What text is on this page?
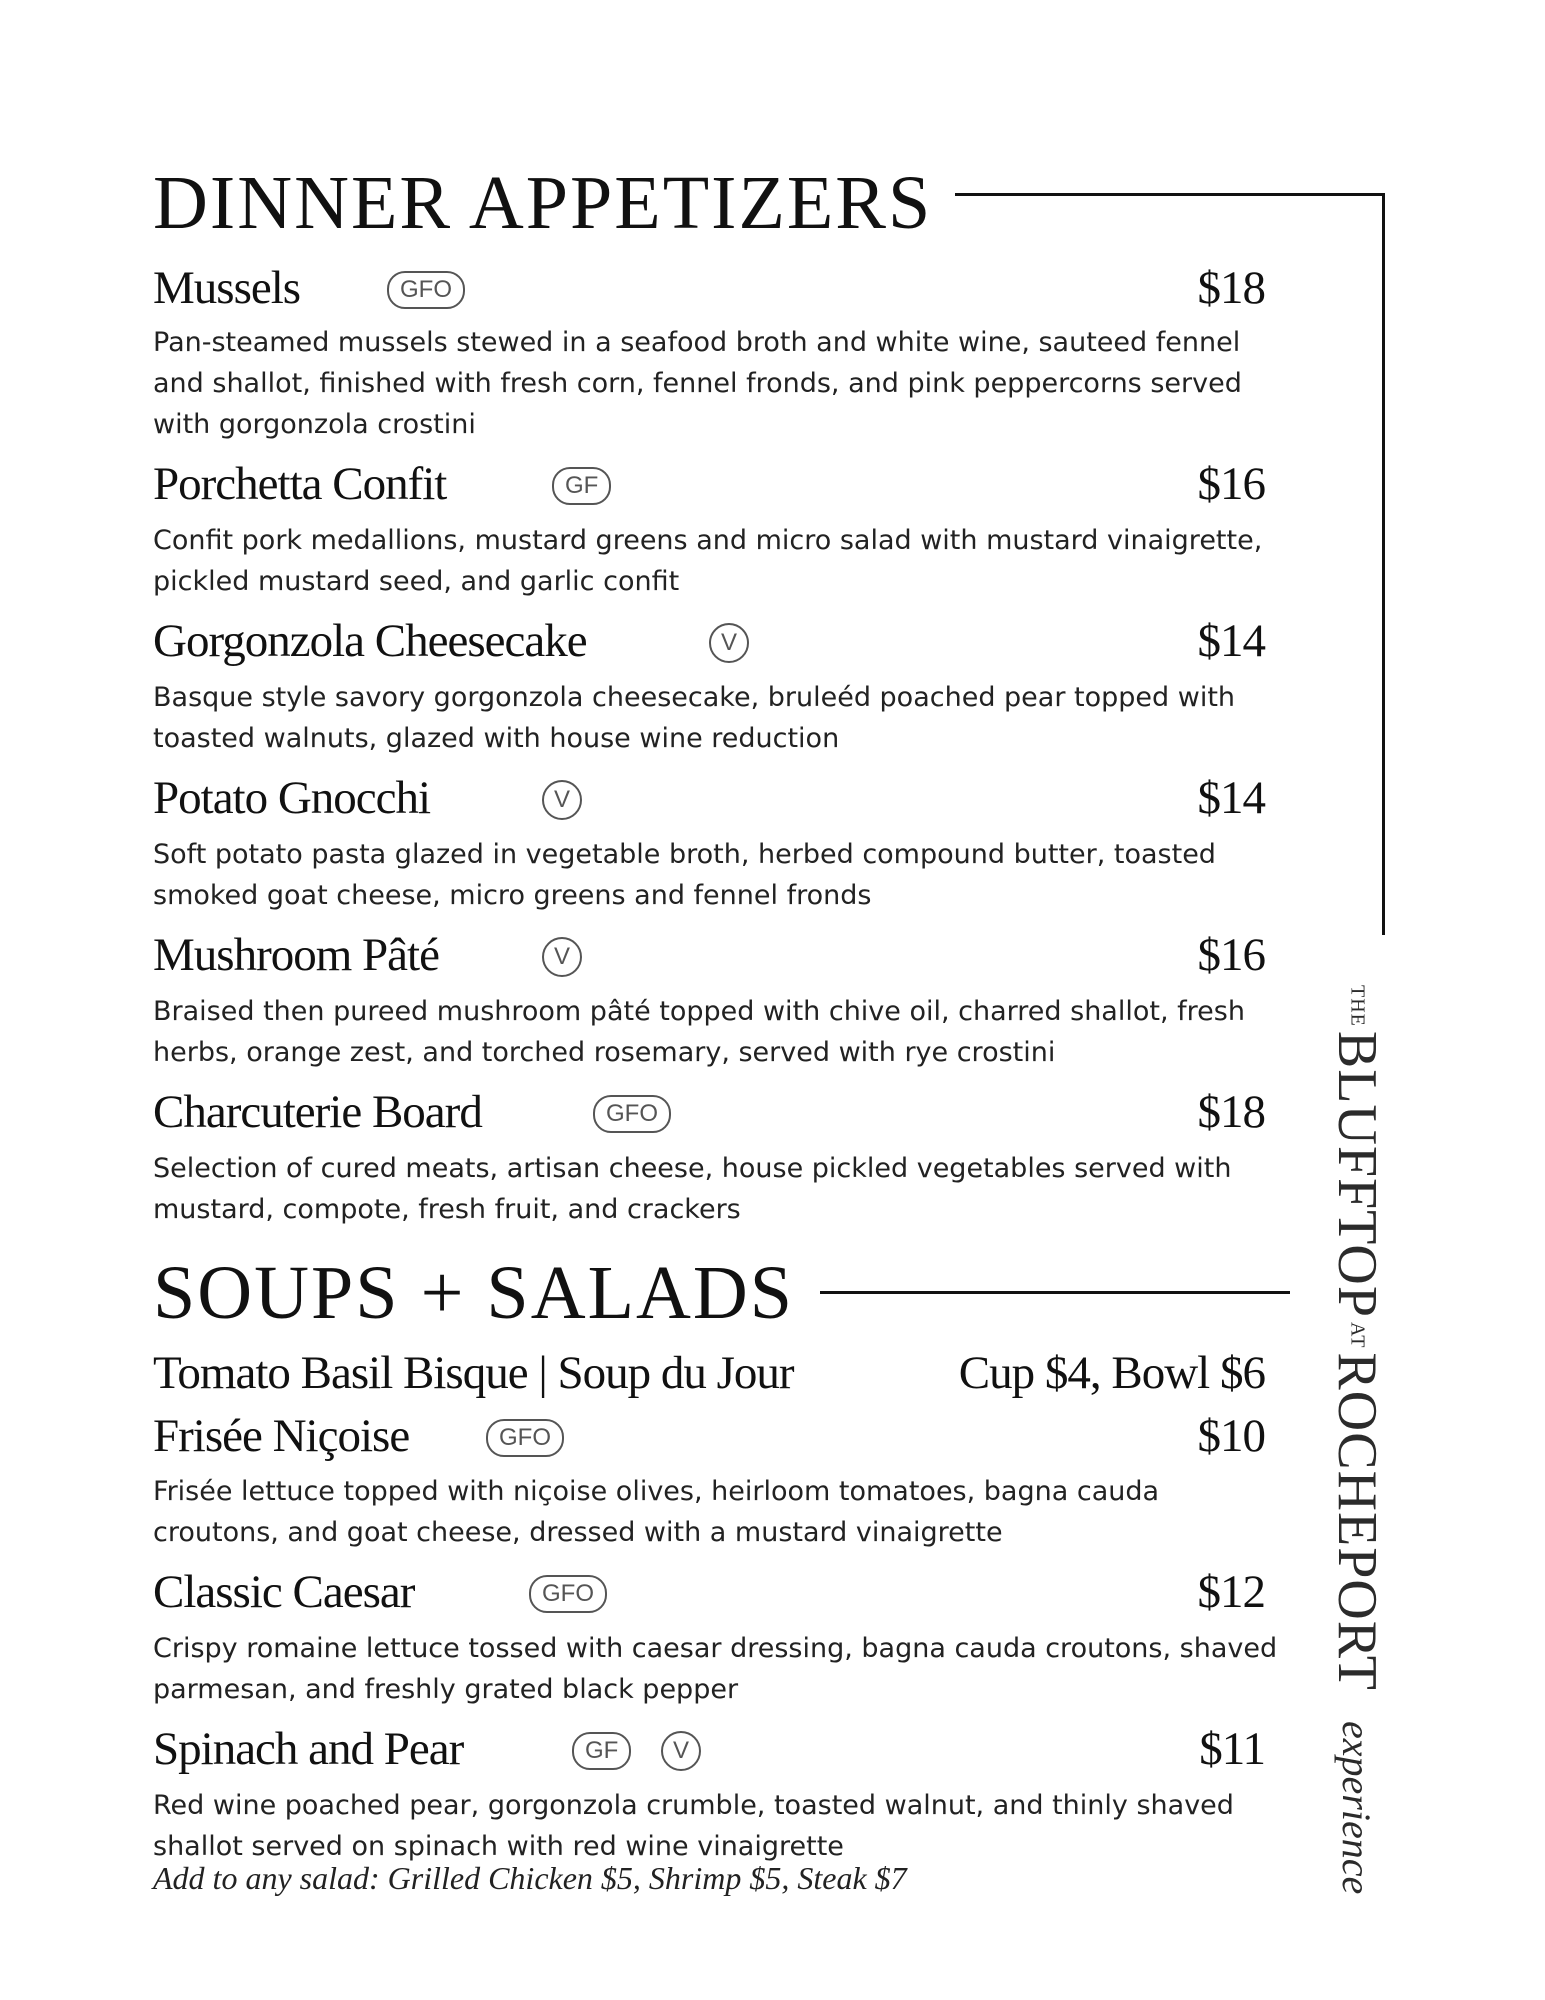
DINNER APPETIZERS
Mussels	GFO	$18

Pan-steamed mussels stewed in a seafood broth and white wine, sauteed fennel and shallot, finished with fresh corn, fennel fronds, and pink peppercorns served with gorgonzola crostini

Porchetta Confit	GF	$16

Confit pork medallions, mustard greens and micro salad with mustard vinaigrette, pickled mustard seed, and garlic confit

Gorgonzola Cheesecake	V	$14

Basque style savory gorgonzola cheesecake, bruleéd poached pear topped with toasted walnuts, glazed with house wine reduction

Potato Gnocchi	V	$14

Soft potato pasta glazed in vegetable broth, herbed compound butter, toasted smoked goat cheese, micro greens and fennel fronds

Mushroom Pâté	V	$16

Braised then pureed mushroom pâté topped with chive oil, charred shallot, fresh herbs, orange zest, and torched rosemary, served with rye crostini

Charcuterie Board	GFO	$18

Selection of cured meats, artisan cheese, house pickled vegetables served with mustard, compote, fresh fruit, and crackers

SOUPS + SALADS
Tomato Basil Bisque | Soup du Jour	Cup $4, Bowl $6
Frisée Niçoise	GFO	$10

Frisée lettuce topped with niçoise olives, heirloom tomatoes, bagna cauda croutons, and goat cheese, dressed with a mustard vinaigrette

Classic Caesar	GFO	$12

Crispy romaine lettuce tossed with caesar dressing, bagna cauda croutons, shaved parmesan, and freshly grated black pepper

Spinach and Pear	GF	V	$11

Red wine poached pear, gorgonzola crumble, toasted walnut, and thinly shaved shallot served on spinach with red wine vinaigrette

Add to any salad: Grilled Chicken $5, Shrimp $5, Steak $7
THE BLUFFTOP AT ROCHEPORT experience
